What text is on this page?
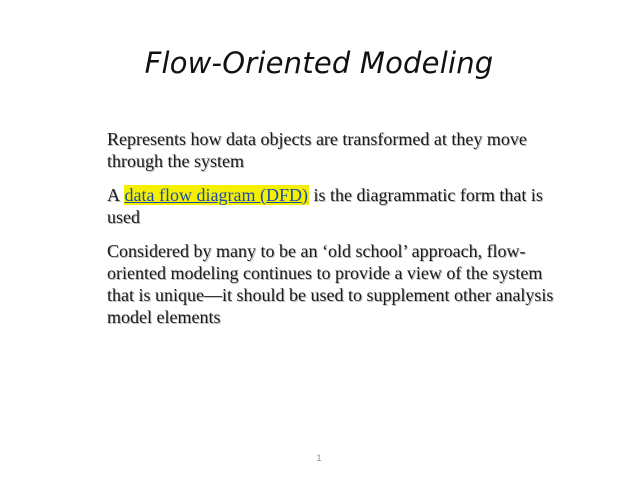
Flow-Oriented Modeling

Represents how data objects are transformed at they move through the system

A data flow diagram (DFD) is the diagrammatic form that is used

Considered by many to be an ‘old school’ approach, flow-oriented modeling continues to provide a view of the system that is unique—it should be used to supplement other analysis model elements

1
